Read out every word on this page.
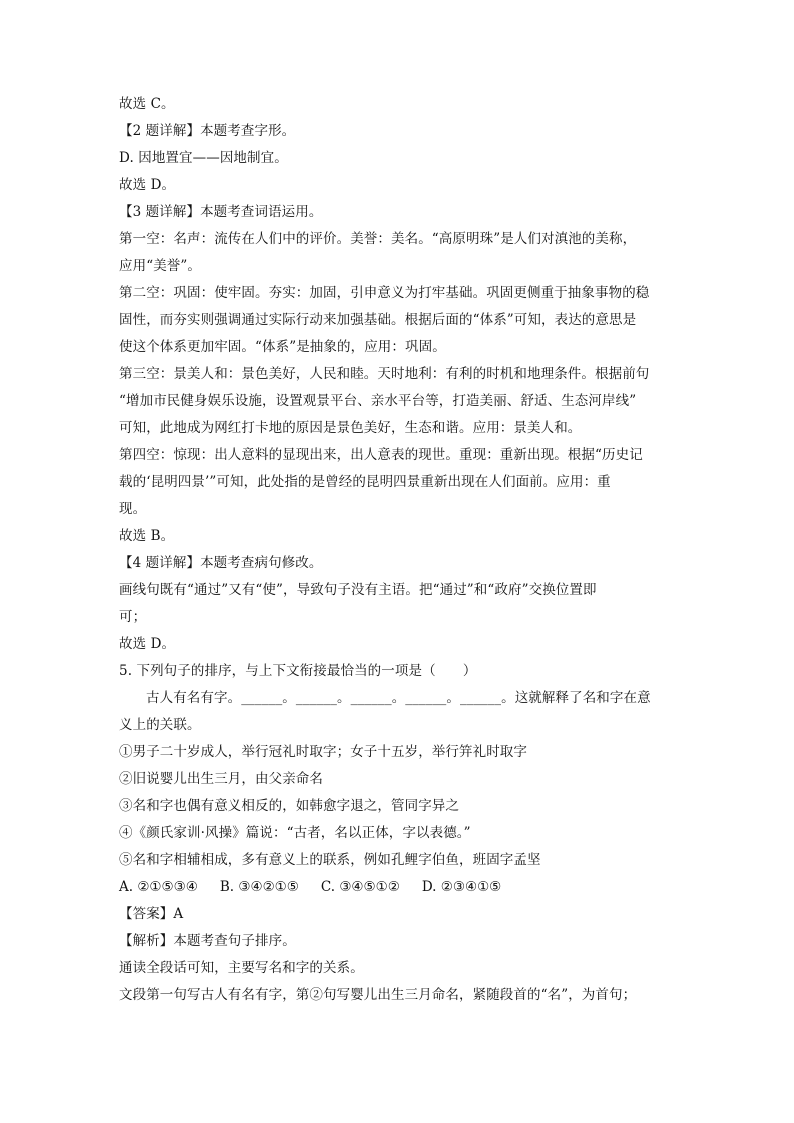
故选 C。
【2 题详解】本题考查字形。
D. 因地置宜——因地制宜。
故选 D。
【3 题详解】本题考查词语运用。
第一空：名声：流传在人们中的评价。美誉：美名。“高原明珠”是人们对滇池的美称，
应用“美誉”。
第二空：巩固：使牢固。夯实：加固，引申意义为打牢基础。巩固更侧重于抽象事物的稳
固性，而夯实则强调通过实际行动来加强基础。根据后面的“体系”可知，表达的意思是
使这个体系更加牢固。“体系”是抽象的，应用：巩固。
第三空：景美人和：景色美好，人民和睦。天时地利：有利的时机和地理条件。根据前句
“增加市民健身娱乐设施，设置观景平台、亲水平台等，打造美丽、舒适、生态河岸线”
可知，此地成为网红打卡地的原因是景色美好，生态和谐。应用：景美人和。
第四空：惊现：出人意料的显现出来，出人意表的现世。重现：重新出现。根据“历史记
载的‘昆明四景’”可知，此处指的是曾经的昆明四景重新出现在人们面前。应用：重
现。
故选 B。
【4 题详解】本题考查病句修改。
画线句既有“通过”又有“使”，导致句子没有主语。把“通过”和“政府”交换位置即
可；
故选 D。
5. 下列句子的排序，与上下文衔接最恰当的一项是（　　）
古人有名有字。______。______。______。______。______。这就解释了名和字在意
义上的关联。
①男子二十岁成人，举行冠礼时取字；女子十五岁，举行笄礼时取字
②旧说婴儿出生三月，由父亲命名
③名和字也偶有意义相反的，如韩愈字退之，管同字异之
④《颜氏家训·风操》篇说：“古者，名以正体，字以表德。”
⑤名和字相辅相成，多有意义上的联系，例如孔鲤字伯鱼，班固字孟坚
A. ②①⑤③④ B. ③④②①⑤ C. ③④⑤①② D. ②③④①⑤
【答案】A
【解析】本题考查句子排序。
通读全段话可知，主要写名和字的关系。
文段第一句写古人有名有字，第②句写婴儿出生三月命名，紧随段首的“名”，为首句；
